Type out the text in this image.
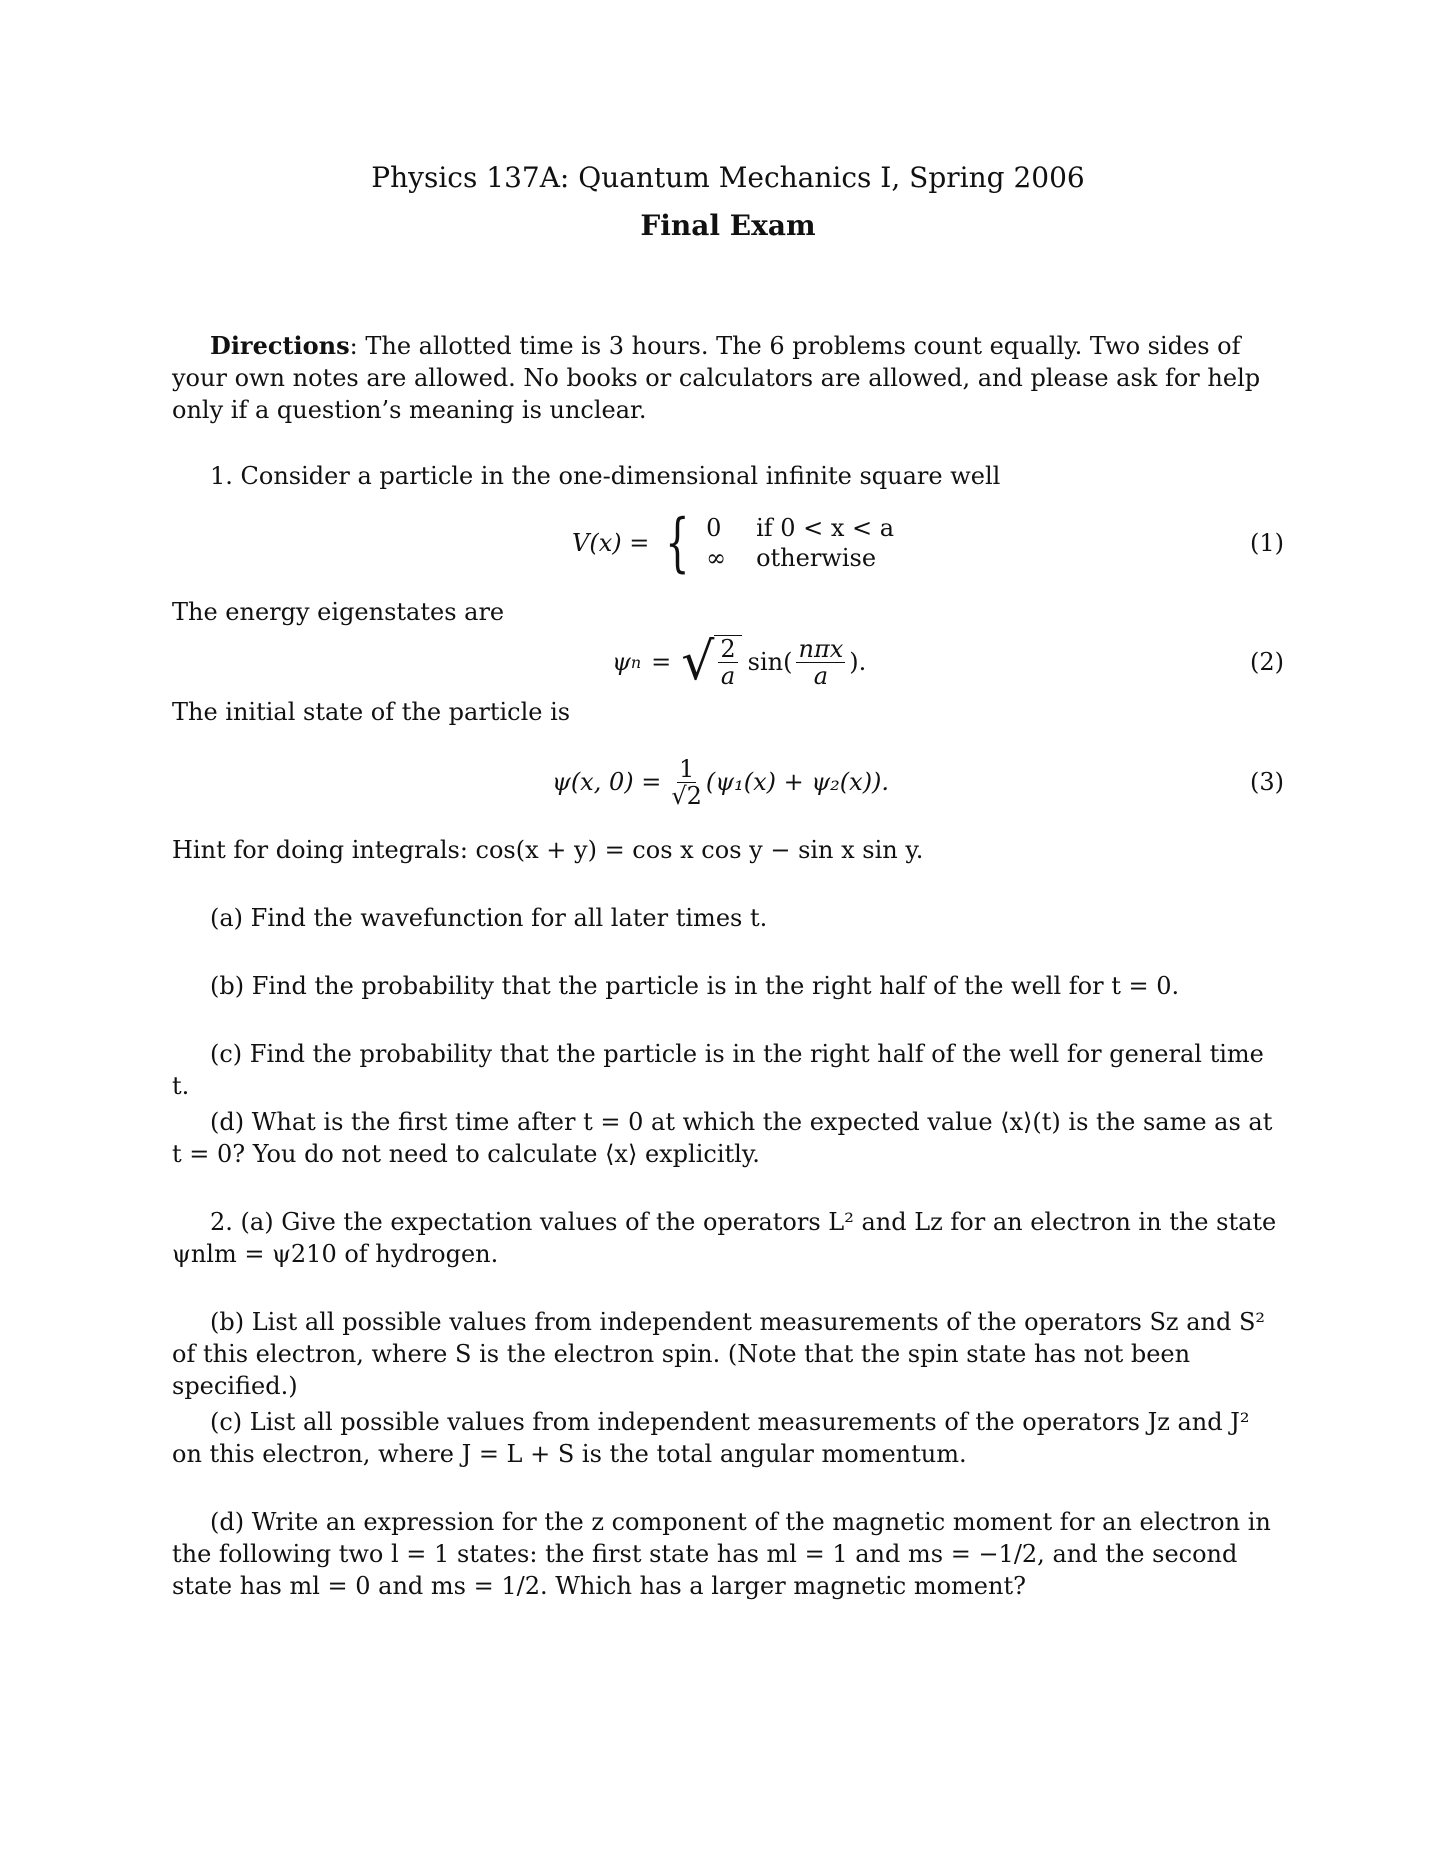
Physics 137A: Quantum Mechanics I, Spring 2006
Final Exam
Directions: The allotted time is 3 hours. The 6 problems count equally. Two sides of your own notes are allowed. No books or calculators are allowed, and please ask for help only if a question’s meaning is unclear.
1. Consider a particle in the one-dimensional infinite square well
V(x) = { 0 if 0 < x < a
∞ otherwise
(1)
The energy eigenstates are
ψ n = √ $\frac{2}{a} \sin( \frac{\text{nπx}}{a}$ ).	(2)
The initial state of the particle is
ψ(x, $0) = \frac{1}{√2} (\psi_1(x) + \psi_2(x))$.	(3)
Hint for doing integrals: cos(x + y) = cos x cos y − sin x sin y.
(a) Find the wavefunction for all later times t.
(b) Find the probability that the particle is in the right half of the well for t = 0.
(c) Find the probability that the particle is in the right half of the well for general time t.
(d) What is the first time after t = 0 at which the expected value ⟨x⟩(t) is the same as at t = 0? You do not need to calculate ⟨x⟩ explicitly.
2. (a) Give the expectation values of the operators L² and Lz for an electron in the state ψnlm = ψ210 of hydrogen.
(b) List all possible values from independent measurements of the operators Sz and S² of this electron, where S is the electron spin. (Note that the spin state has not been specified.)
(c) List all possible values from independent measurements of the operators Jz and J² on this electron, where J = L + S is the total angular momentum.
(d) Write an expression for the z component of the magnetic moment for an electron in the following two l = 1 states: the first state has ml = 1 and ms = −1/2, and the second state has ml = 0 and ms = 1/2. Which has a larger magnetic moment?
